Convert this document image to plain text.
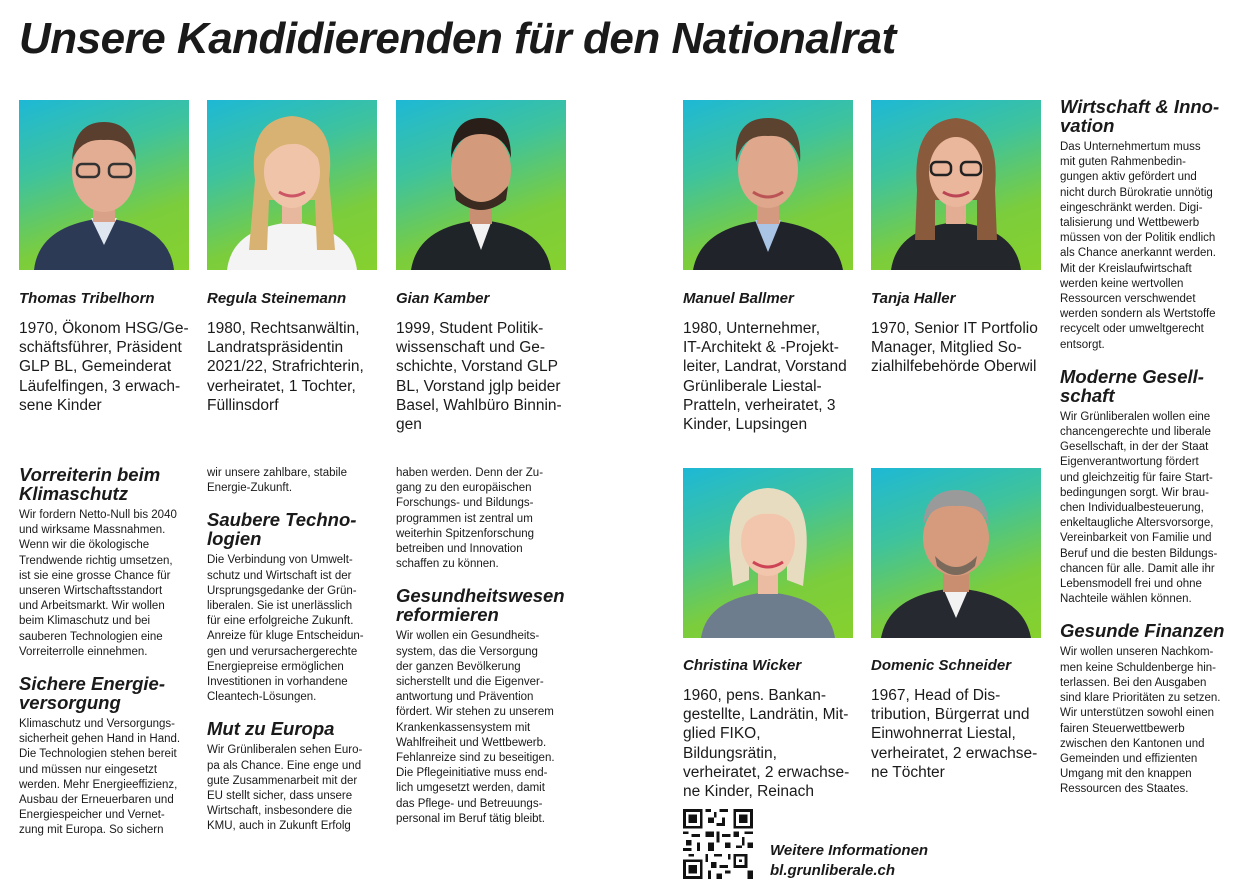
Unsere Kandidierenden für den Nationalrat
Thomas Tribelhorn
1970, Ökonom HSG/Ge-
schäftsführer, Präsident
GLP BL, Gemeinderat
Läufelfingen, 3 erwach-
sene Kinder
Regula Steinemann
1980, Rechtsanwältin,
Landratspräsidentin
2021/22, Strafrichterin,
verheiratet, 1 Tochter,
Füllinsdorf
Gian Kamber
1999, Student Politik-
wissenschaft und Ge-
schichte, Vorstand GLP
BL, Vorstand jglp beider
Basel, Wahlbüro Binnin-
gen
Manuel Ballmer
1980, Unternehmer,
IT-Architekt & -Projekt-
leiter, Landrat, Vorstand
Grünliberale Liestal-
Pratteln, verheiratet, 3
Kinder, Lupsingen
Tanja Haller
1970, Senior IT Portfolio
Manager, Mitglied So-
zialhilfebehörde Oberwil
Christina Wicker
1960, pens. Bankan-
gestellte, Landrätin, Mit-
glied FIKO, Bildungsrätin,
verheiratet, 2 erwachse-
ne Kinder, Reinach
Domenic Schneider
1967, Head of Dis-
tribution, Bürgerrat und
Einwohnerrat Liestal,
verheiratet, 2 erwachse-
ne Töchter
Vorreiterin beim
Klimaschutz

Wir fordern Netto-Null bis 2040
und wirksame Massnahmen.
Wenn wir die ökologische
Trendwende richtig umsetzen,
ist sie eine grosse Chance für
unseren Wirtschaftsstandort
und Arbeitsmarkt. Wir wollen
beim Klimaschutz und bei
sauberen Technologien eine
Vorreiterrolle einnehmen.

Sichere Energie-
versorgung

Klimaschutz und Versorgungs-
sicherheit gehen Hand in Hand.
Die Technologien stehen bereit
und müssen nur eingesetzt
werden. Mehr Energieeffizienz,
Ausbau der Erneuerbaren und
Energiespeicher und Vernet-
zung mit Europa. So sichern

wir unsere zahlbare, stabile
Energie-Zukunft.

Saubere Techno-
logien

Die Verbindung von Umwelt-
schutz und Wirtschaft ist der
Ursprungsgedanke der Grün-
liberalen. Sie ist unerlässlich
für eine erfolgreiche Zukunft.
Anreize für kluge Entscheidun-
gen und verursachergerechte
Energiepreise ermöglichen
Investitionen in vorhandene
Cleantech-Lösungen.

Mut zu Europa

Wir Grünliberalen sehen Euro-
pa als Chance. Eine enge und
gute Zusammenarbeit mit der
EU stellt sicher, dass unsere
Wirtschaft, insbesondere die
KMU, auch in Zukunft Erfolg

haben werden. Denn der Zu-
gang zu den europäischen
Forschungs- und Bildungs-
programmen ist zentral um
weiterhin Spitzenforschung
betreiben und Innovation
schaffen zu können.

Gesundheitswesen
reformieren

Wir wollen ein Gesundheits-
system, das die Versorgung
der ganzen Bevölkerung
sicherstellt und die Eigenver-
antwortung und Prävention
fördert. Wir stehen zu unserem
Krankenkassensystem mit
Wahlfreiheit und Wettbewerb.
Fehlanreize sind zu beseitigen.
Die Pflegeinitiative muss end-
lich umgesetzt werden, damit
das Pflege- und Betreuungs-
personal im Beruf tätig bleibt.

Wirtschaft & Inno-
vation

Das Unternehmertum muss
mit guten Rahmenbedin-
gungen aktiv gefördert und
nicht durch Bürokratie unnötig
eingeschränkt werden. Digi-
talisierung und Wettbewerb
müssen von der Politik endlich
als Chance anerkannt werden.
Mit der Kreislaufwirtschaft
werden keine wertvollen
Ressourcen verschwendet
werden sondern als Wertstoffe
recycelt oder umweltgerecht
entsorgt.

Moderne Gesell-
schaft

Wir Grünliberalen wollen eine
chancengerechte und liberale
Gesellschaft, in der der Staat
Eigenverantwortung fördert
und gleichzeitig für faire Start-
bedingungen sorgt. Wir brau-
chen Individualbesteuerung,
enkeltaugliche Altersvorsorge,
Vereinbarkeit von Familie und
Beruf und die besten Bildungs-
chancen für alle. Damit alle ihr
Lebensmodell frei und ohne
Nachteile wählen können.

Gesunde Finanzen

Wir wollen unseren Nachkom-
men keine Schuldenberge hin-
terlassen. Bei den Ausgaben
sind klare Prioritäten zu setzen.
Wir unterstützen sowohl einen
fairen Steuerwettbewerb
zwischen den Kantonen und
Gemeinden und effizienten
Umgang mit den knappen
Ressourcen des Staates.

Weitere Informationen
bl.grunliberale.ch
